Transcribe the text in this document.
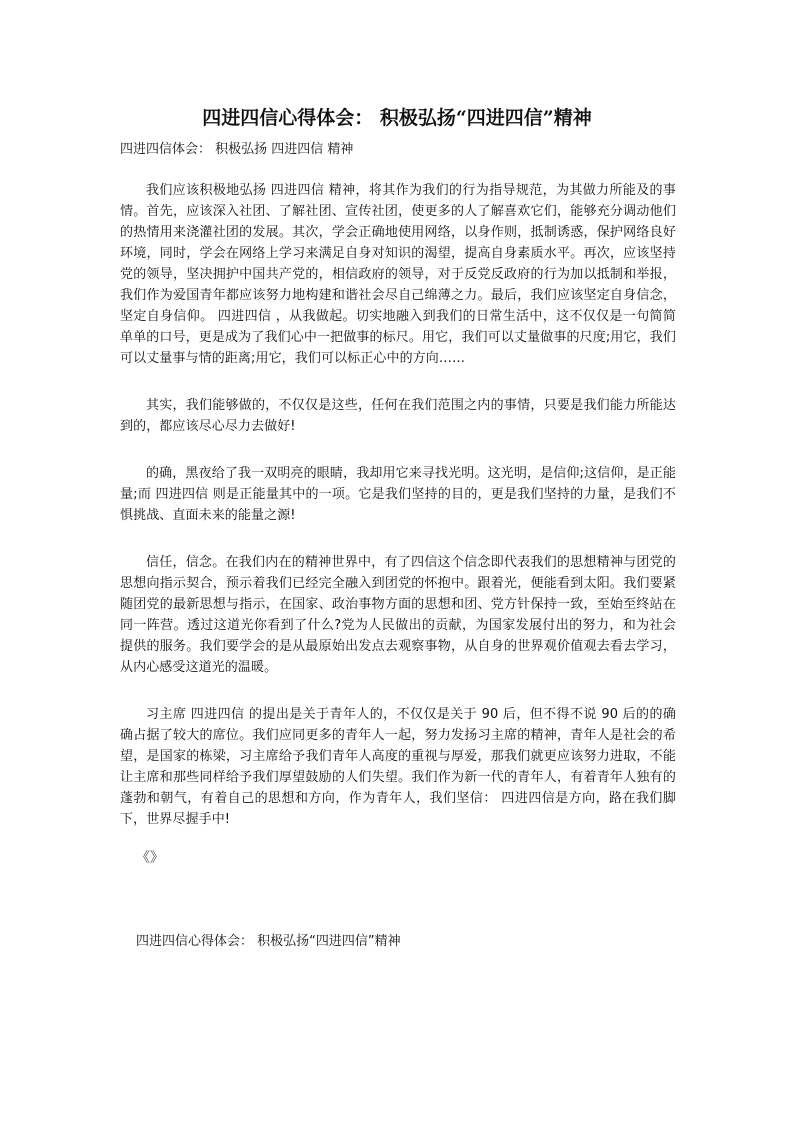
四进四信心得体会： 积极弘扬“四进四信”精神
四进四信体会： 积极弘扬 四进四信 精神

我们应该积极地弘扬 四进四信 精神，将其作为我们的行为指导规范，为其做力所能及的事情。首先，应该深入社团、了解社团、宣传社团，使更多的人了解喜欢它们，能够充分调动他们的热情用来浇灌社团的发展。其次，学会正确地使用网络，以身作则，抵制诱惑，保护网络良好环境，同时，学会在网络上学习来满足自身对知识的渴望，提高自身素质水平。再次，应该坚持党的领导，坚决拥护中国共产党的，相信政府的领导，对于反党反政府的行为加以抵制和举报，我们作为爱国青年都应该努力地构建和谐社会尽自己绵薄之力。最后，我们应该坚定自身信念，坚定自身信仰。 四进四信 ，从我做起。切实地融入到我们的日常生活中，这不仅仅是一句简简单单的口号，更是成为了我们心中一把做事的标尺。用它，我们可以丈量做事的尺度;用它，我们可以丈量事与情的距离;用它，我们可以标正心中的方向……

其实，我们能够做的，不仅仅是这些，任何在我们范围之内的事情，只要是我们能力所能达到的，都应该尽心尽力去做好!

的确，黑夜给了我一双明亮的眼睛，我却用它来寻找光明。这光明，是信仰;这信仰，是正能量;而 四进四信 则是正能量其中的一项。它是我们坚持的目的，更是我们坚持的力量，是我们不惧挑战、直面未来的能量之源!

信任，信念。在我们内在的精神世界中，有了四信这个信念即代表我们的思想精神与团党的思想向指示契合，预示着我们已经完全融入到团党的怀抱中。跟着光，便能看到太阳。我们要紧随团党的最新思想与指示，在国家、政治事物方面的思想和团、党方针保持一致，至始至终站在同一阵营。透过这道光你看到了什么?党为人民做出的贡献，为国家发展付出的努力，和为社会提供的服务。我们要学会的是从最原始出发点去观察事物，从自身的世界观价值观去看去学习，从内心感受这道光的温暖。

习主席 四进四信 的提出是关于青年人的，不仅仅是关于 90 后，但不得不说 90 后的的确确占据了较大的席位。我们应同更多的青年人一起，努力发扬习主席的精神，青年人是社会的希望，是国家的栋梁，习主席给予我们青年人高度的重视与厚爱，那我们就更应该努力进取，不能让主席和那些同样给予我们厚望鼓励的人们失望。我们作为新一代的青年人，有着青年人独有的蓬勃和朝气，有着自己的思想和方向，作为青年人，我们坚信： 四进四信是方向，路在我们脚下，世界尽握手中!

《》
四进四信心得体会： 积极弘扬“四进四信”精神
